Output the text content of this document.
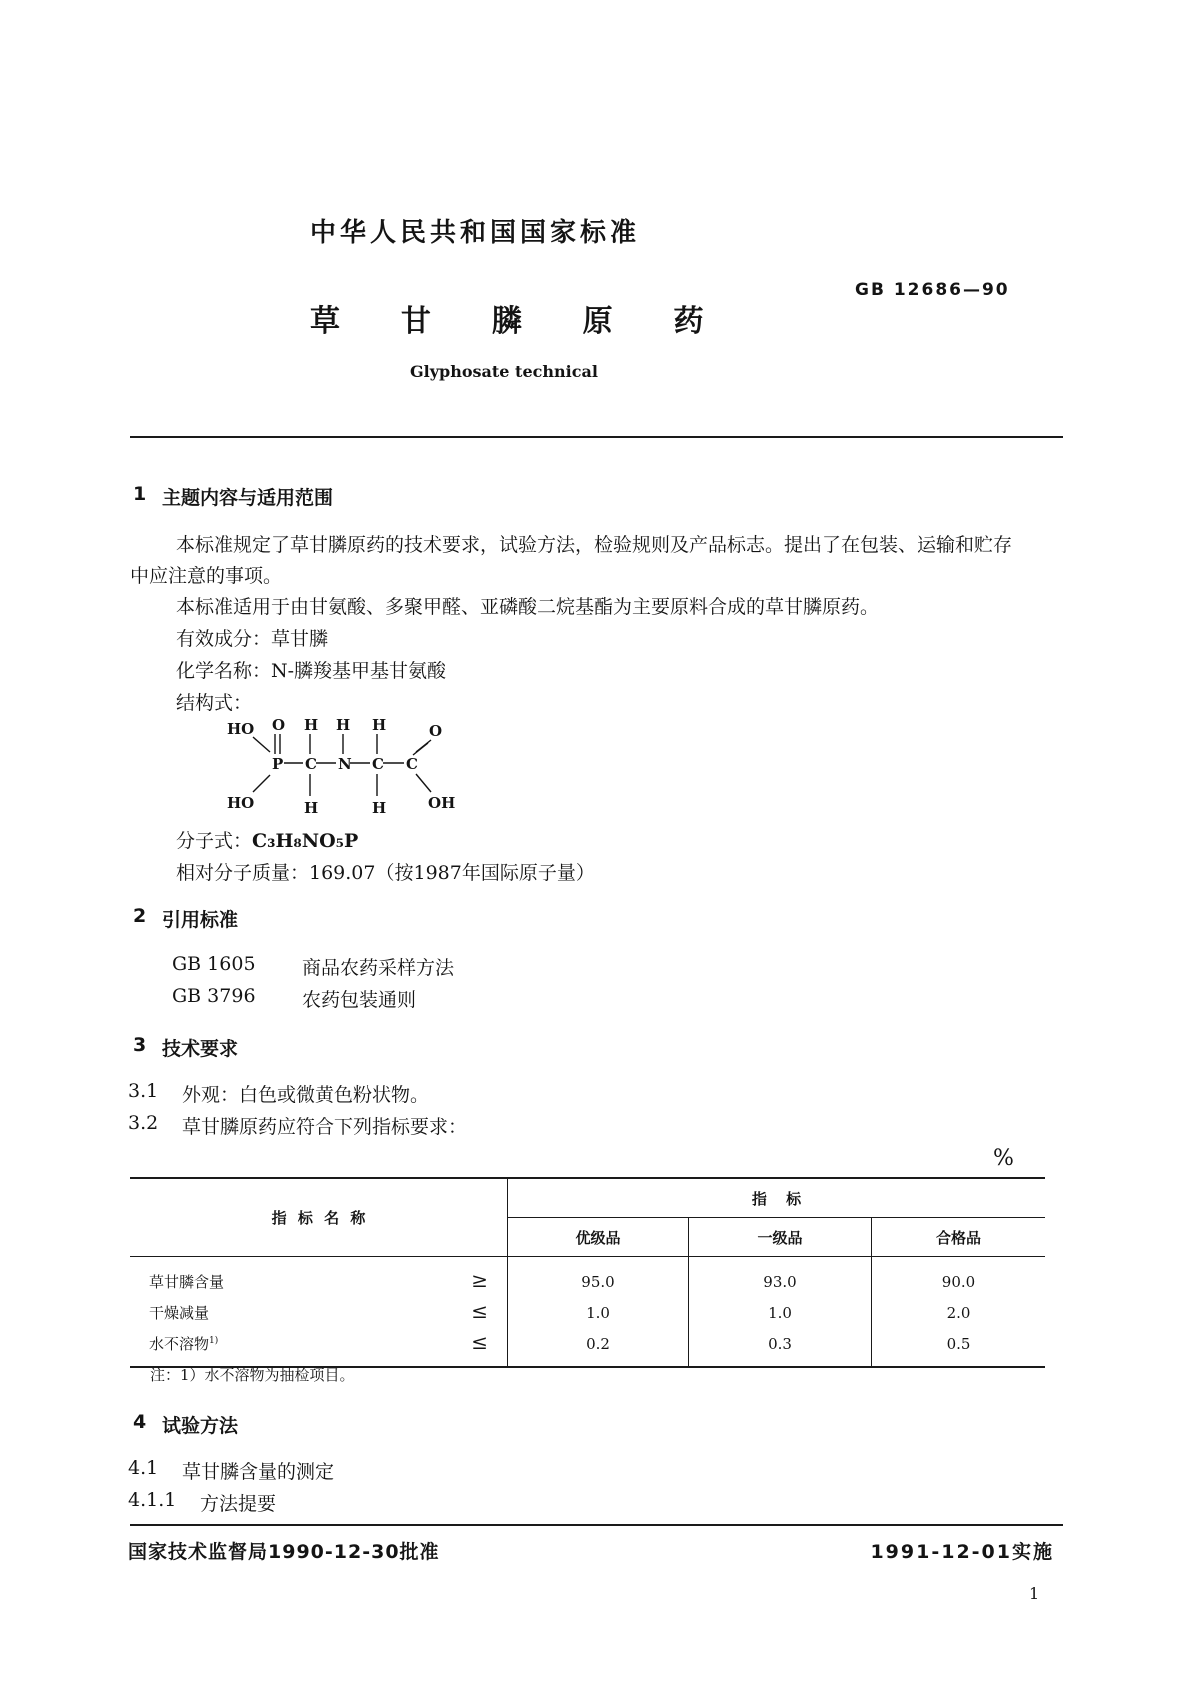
中华人民共和国国家标准
GB 12686—90
草  甘  膦  原  药
Glyphosate technical
1 主题内容与适用范围
本标准规定了草甘膦原药的技术要求，试验方法，检验规则及产品标志。提出了在包装、运输和贮存
中应注意的事项。
本标准适用于由甘氨酸、多聚甲醛、亚磷酸二烷基酯为主要原料合成的草甘膦原药。
有效成分：草甘膦
化学名称：N-膦羧基甲基甘氨酸
结构式：
HO O H H H	O
P C N C C
HO	H	H	OH
分子式：C₃H₈NO₅P
相对分子质量：169.07（按1987年国际原子量）
2 引用标准
GB 1605 商品农药采样方法
GB 3796 农药包装通则
3 技术要求
3.1 外观：白色或微黄色粉状物。
3.2 草甘膦原药应符合下列指标要求：
%
指 标 名 称	指 标		
	优级品	一级品	合格品

草甘膦含量 ≥	95.0	93.0	90.0

干燥减量 ≤	1.0	1.0	2.0

水不溶物$^{1)}$ ≤	0.2	0.3	0.5
注：1）水不溶物为抽检项目。
4 试验方法
4.1 草甘膦含量的测定
4.1.1 方法提要
国家技术监督局1990-12-30批准	1991-12-01实施
1
